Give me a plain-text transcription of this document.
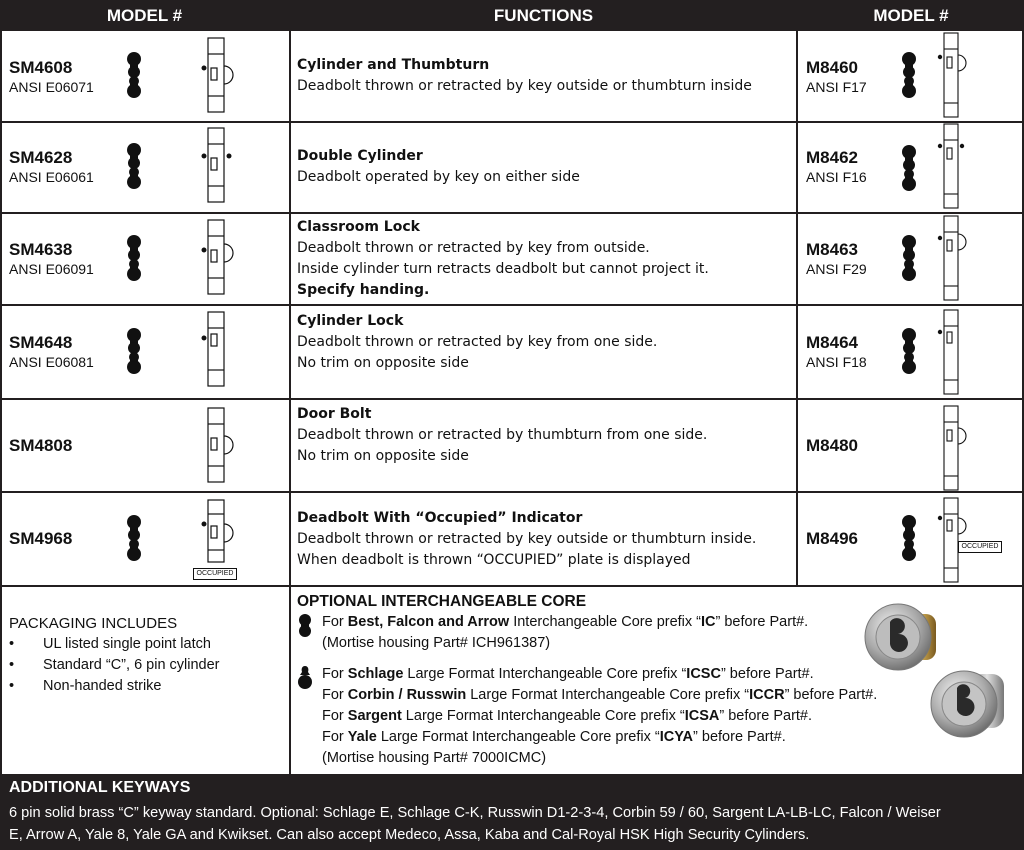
MODEL #	FUNCTIONS	MODEL #
SM4608
ANSI E06071
Cylinder and Thumbturn
Deadbolt thrown or retracted by key outside or thumbturn inside
M8460
ANSI F17
SM4628
ANSI E06061
Double Cylinder
Deadbolt operated by key on either side
M8462
ANSI F16
SM4638
ANSI E06091
Classroom Lock
Deadbolt thrown or retracted by key from outside.
Inside cylinder turn retracts deadbolt but cannot project it.
Specify handing.
M8463
ANSI F29
SM4648
ANSI E06081
Cylinder Lock
Deadbolt thrown or retracted by key from one side.
No trim on opposite side
M8464
ANSI F18
SM4808
Door Bolt
Deadbolt thrown or retracted by thumbturn from one side.
No trim on opposite side
M8480
SM4968
Deadbolt With “Occupied” Indicator
Deadbolt thrown or retracted by key outside or thumbturn inside.
When deadbolt is thrown “OCCUPIED” plate is displayed
M8496
OCCUPIED
OCCUPIED
PACKAGING INCLUDES
• UL listed single point latch
• Standard “C”, 6 pin cylinder
• Non-handed strike
OPTIONAL INTERCHANGEABLE CORE
For Best, Falcon and Arrow Interchangeable Core prefix “IC” before Part#.
(Mortise housing Part# ICH961387)
For Schlage Large Format Interchangeable Core prefix “ICSC” before Part#.
For Corbin / Russwin Large Format Interchangeable Core prefix “ICCR” before Part#.
For Sargent Large Format Interchangeable Core prefix “ICSA” before Part#.
For Yale Large Format Interchangeable Core prefix “ICYA” before Part#.
(Mortise housing Part# 7000ICMC)
ADDITIONAL KEYWAYS
6 pin solid brass “C” keyway standard. Optional: Schlage E, Schlage C-K, Russwin D1-2-3-4, Corbin 59 / 60, Sargent LA-LB-LC, Falcon / Weiser
E, Arrow A, Yale 8, Yale GA and Kwikset. Can also accept Medeco, Assa, Kaba and Cal-Royal HSK High Security Cylinders.
